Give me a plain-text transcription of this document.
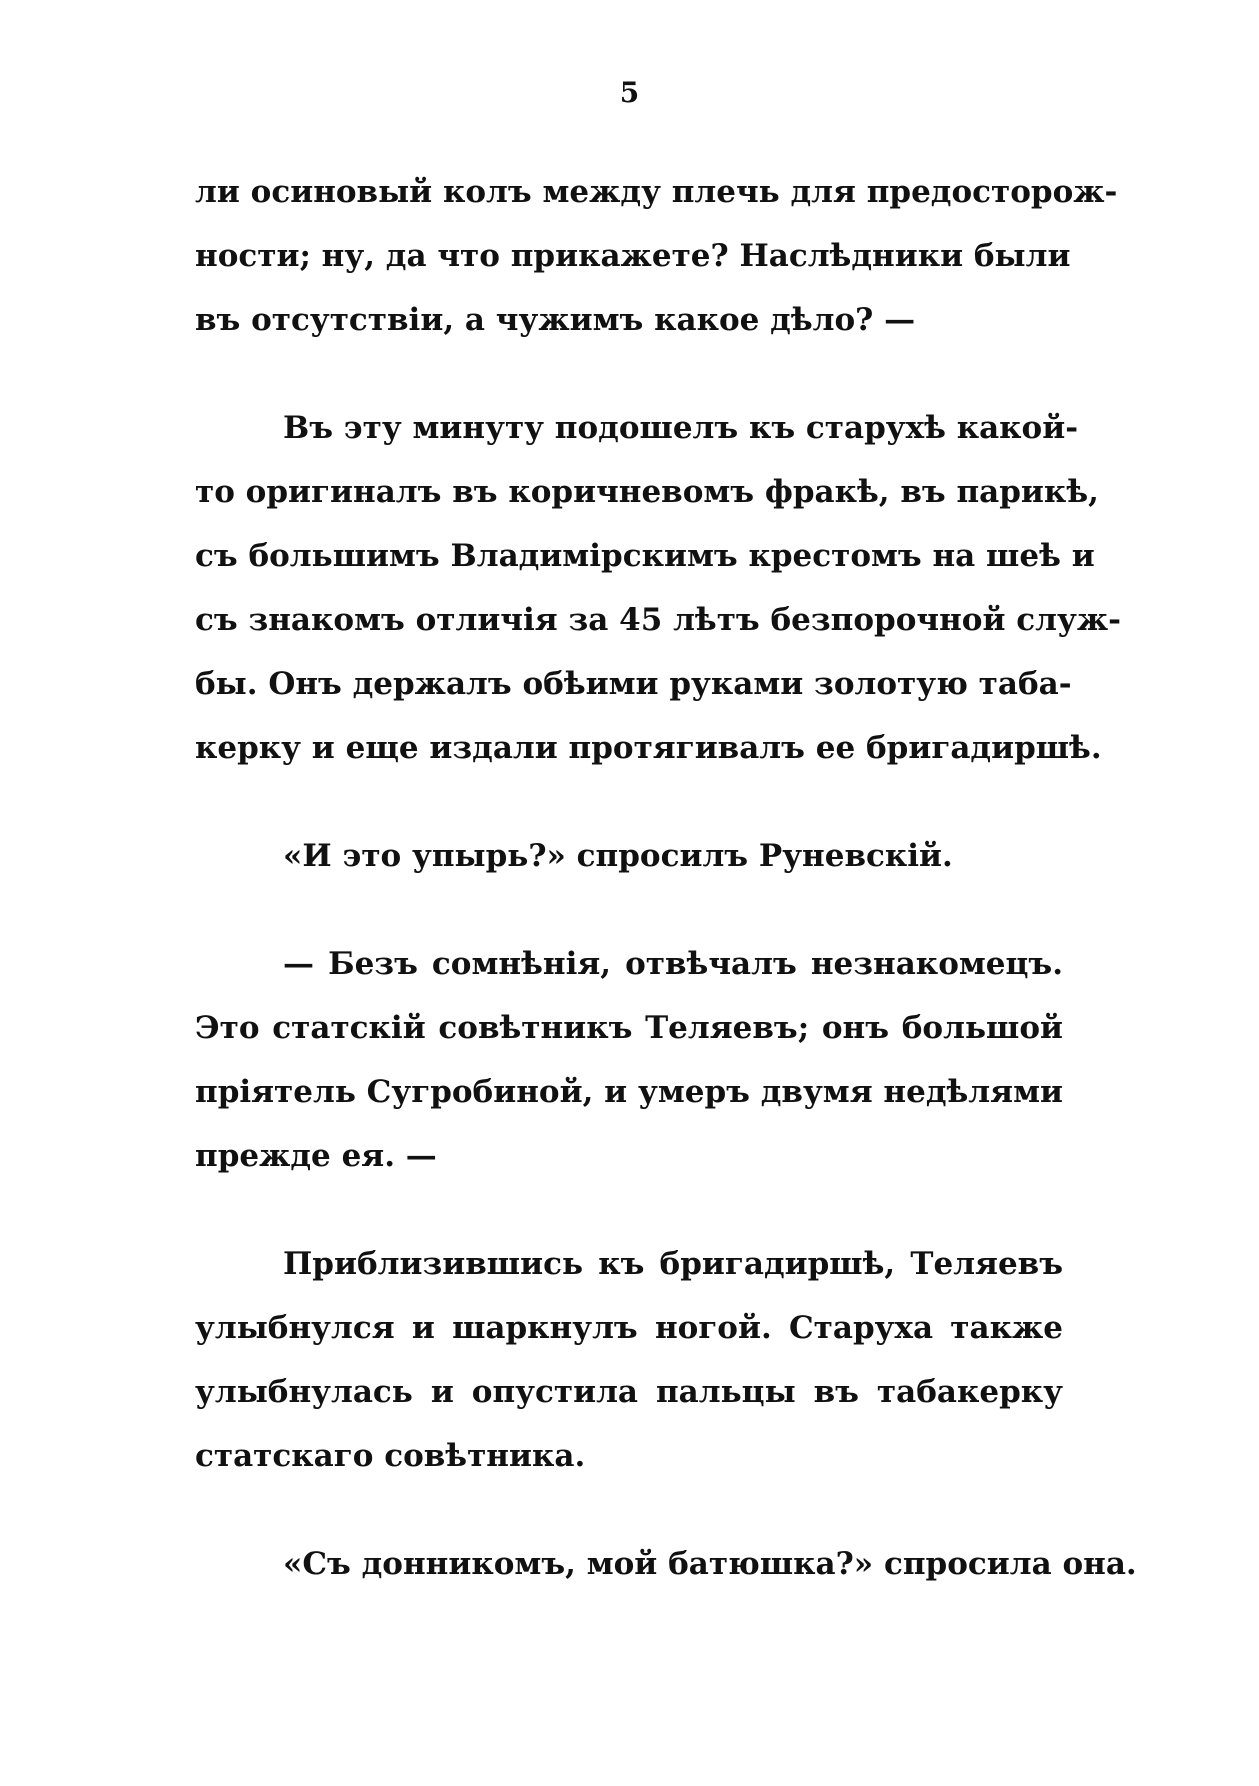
5

ли осиновый колъ между плечь для предосторож-
ности; ну, да что прикажете? Наслѣдники были
въ отсутствіи, а чужимъ какое дѣло? —

Въ эту минуту подошелъ къ старухѣ какой-
то оригиналъ въ коричневомъ фракѣ, въ парикѣ,
съ большимъ Владимірскимъ крестомъ на шеѣ и
съ знакомъ отличія за 45 лѣтъ безпорочной служ-
бы. Онъ держалъ обѣими руками золотую таба-
керку и еще издали протягивалъ ее бригадиршѣ.

«И это упырь?» спросилъ Руневскій.

— Безъ сомнѣнія, отвѣчалъ незнакомецъ.
Это статскій совѣтникъ Теляевъ; онъ большой
пріятель Сугробиной, и умеръ двумя недѣлями
прежде ея. —

Приблизившись къ бригадиршѣ, Теляевъ
улыбнулся и шаркнулъ ногой. Старуха также
улыбнулась и опустила пальцы въ табакерку
статскаго совѣтника.

«Съ донникомъ, мой батюшка?» спросила она.
